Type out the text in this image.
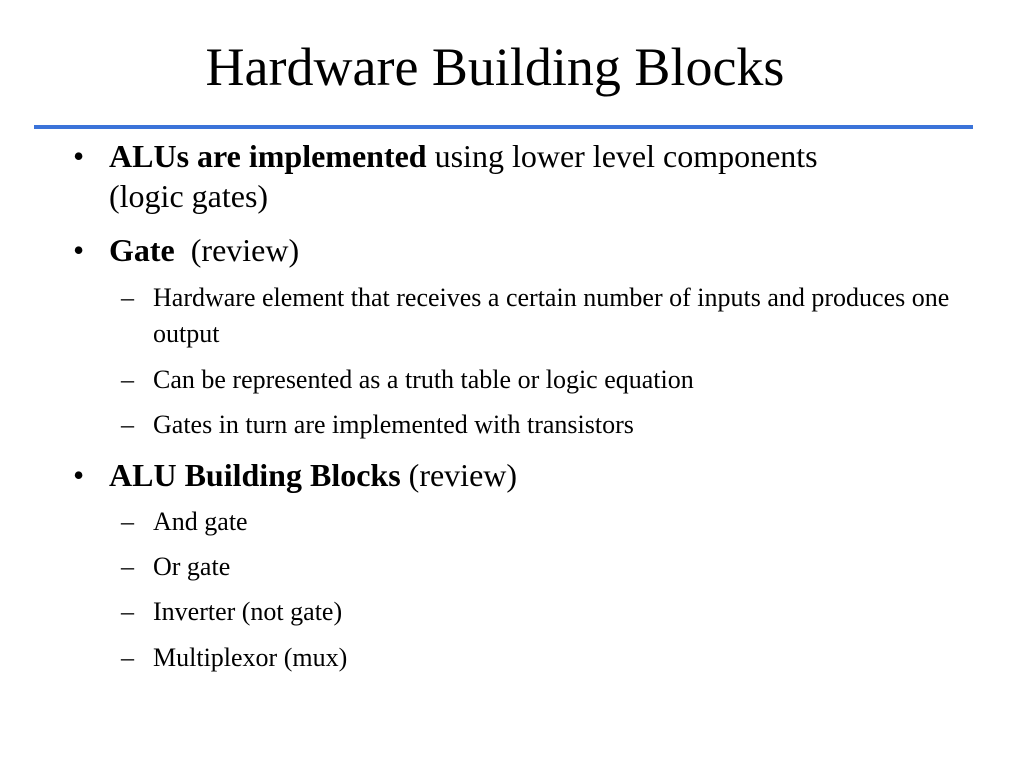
Hardware Building Blocks
• ALUs are implemented using lower level components (logic gates)
• Gate  (review)
– Hardware element that receives a certain number of inputs and produces one output
– Can be represented as a truth table or logic equation
– Gates in turn are implemented with transistors
• ALU Building Blocks (review)
– And gate
– Or gate
– Inverter (not gate)
– Multiplexor (mux)
